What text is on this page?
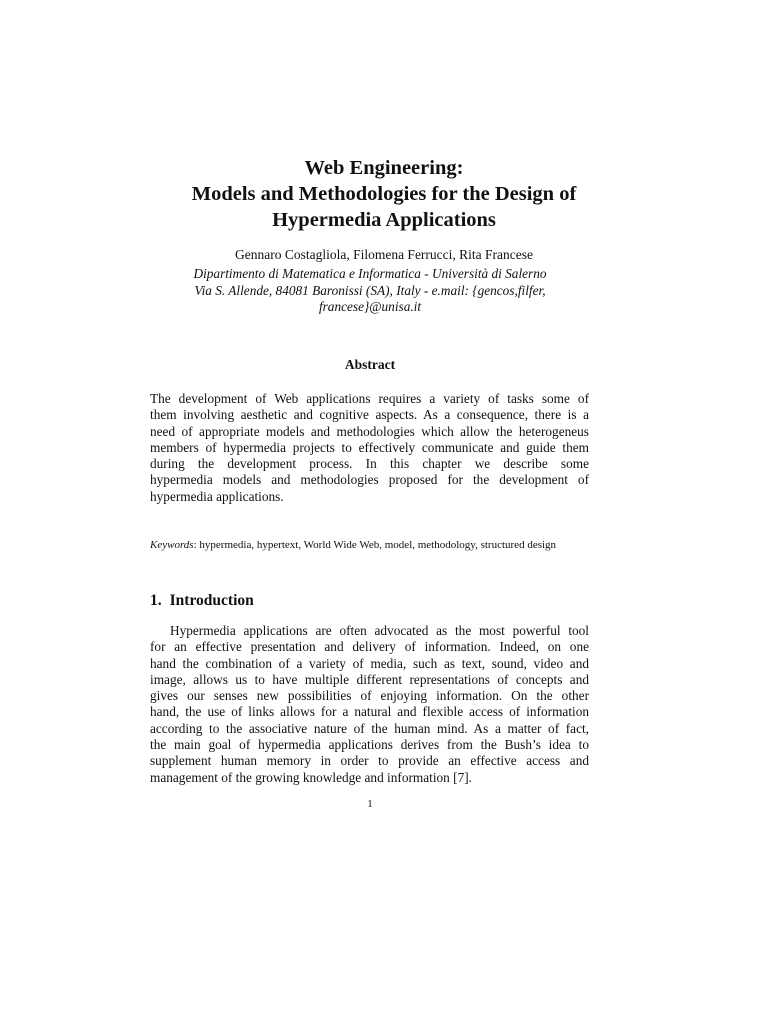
Web Engineering:
Models and Methodologies for the Design of
Hypermedia Applications
Gennaro Costagliola, Filomena Ferrucci, Rita Francese
Dipartimento di Matematica e Informatica - Università di Salerno
Via S. Allende, 84081 Baronissi (SA), Italy - e.mail: {gencos,filfer,
francese}@unisa.it
Abstract
The development of Web applications requires a variety of tasks some of
them involving aesthetic and cognitive aspects. As a consequence, there is a
need of appropriate models and methodologies which allow the heterogeneus
members of hypermedia projects to effectively communicate and guide them
during the development process. In this chapter we describe some
hypermedia models and methodologies proposed for the development of
hypermedia applications.
Keywords: hypermedia, hypertext, World Wide Web, model, methodology, structured design
1. Introduction
Hypermedia applications are often advocated as the most powerful tool
for an effective presentation and delivery of information. Indeed, on one
hand the combination of a variety of media, such as text, sound, video and
image, allows us to have multiple different representations of concepts and
gives our senses new possibilities of enjoying information. On the other
hand, the use of links allows for a natural and flexible access of information
according to the associative nature of the human mind. As a matter of fact,
the main goal of hypermedia applications derives from the Bush’s idea to
supplement human memory in order to provide an effective access and
management of the growing knowledge and information [7].
1
